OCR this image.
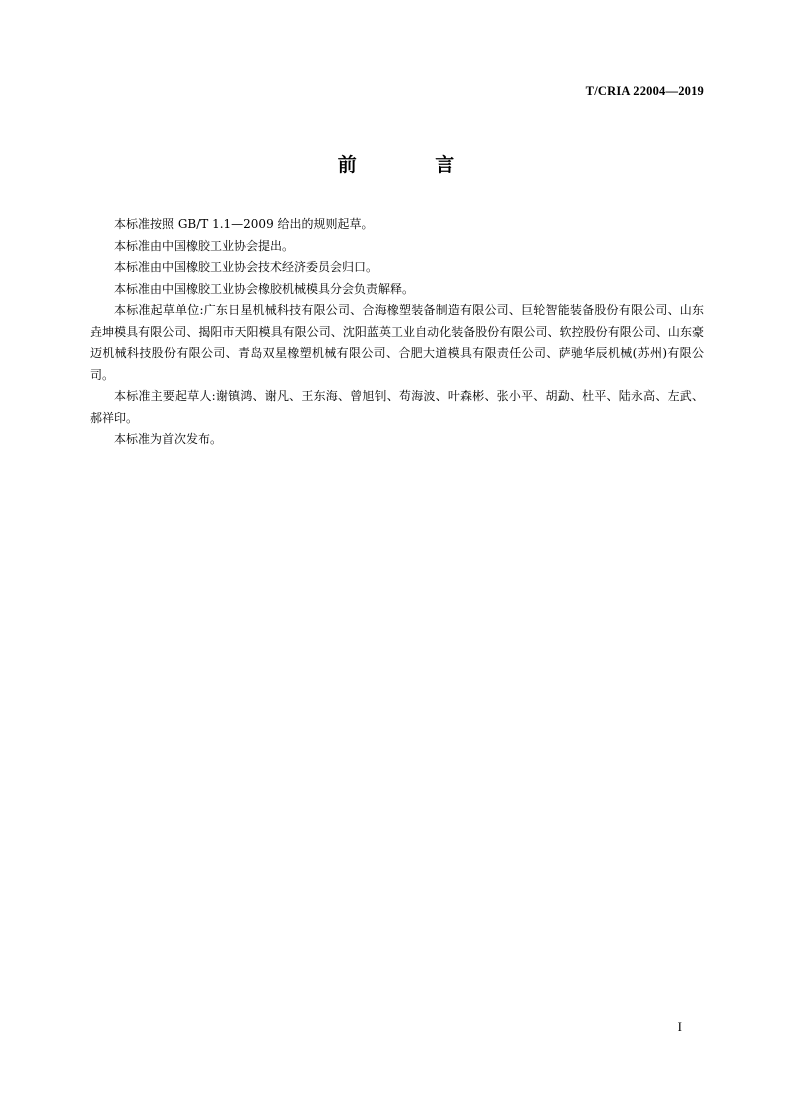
T/CRIA 22004—2019
前 言

本标准按照 GB/T 1.1—2009 给出的规则起草。

本标准由中国橡胶工业协会提出。

本标准由中国橡胶工业协会技术经济委员会归口。

本标准由中国橡胶工业协会橡胶机械模具分会负责解释。

本标准起草单位:广东日星机械科技有限公司、合海橡塑装备制造有限公司、巨轮智能装备股份有限公司、山东垚坤模具有限公司、揭阳市天阳模具有限公司、沈阳蓝英工业自动化装备股份有限公司、软控股份有限公司、山东豪迈机械科技股份有限公司、青岛双星橡塑机械有限公司、合肥大道模具有限责任公司、萨驰华辰机械(苏州)有限公司。

本标准主要起草人:谢镇鸿、谢凡、王东海、曾旭钊、苟海波、叶森彬、张小平、胡勐、杜平、陆永高、左武、郝祥印。

本标准为首次发布。

I
